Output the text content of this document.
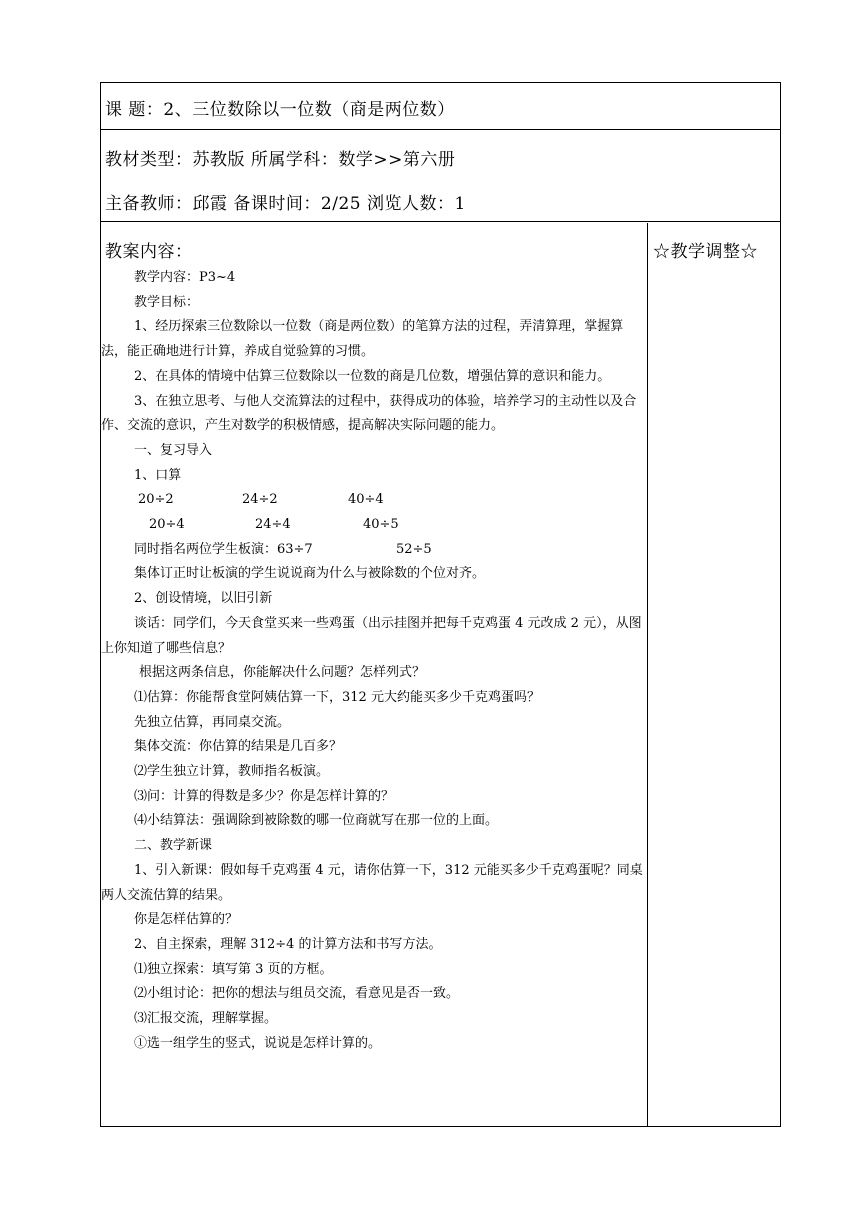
课 题：2、三位数除以一位数（商是两位数）
教材类型：苏教版 所属学科：数学>>第六册
主备教师：邱霞 备课时间：2/25 浏览人数：1
教案内容：	☆教学调整☆

教学内容：P3~4

教学目标：

1、经历探索三位数除以一位数（商是两位数）的笔算方法的过程，弄清算理，掌握算法，能正确地进行计算，养成自觉验算的习惯。

2、在具体的情境中估算三位数除以一位数的商是几位数，增强估算的意识和能力。

3、在独立思考、与他人交流算法的过程中，获得成功的体验，培养学习的主动性以及合作、交流的意识，产生对数学的积极情感，提高解决实际问题的能力。

一、复习导入

1、口算

20÷2	24÷2	40÷4

20÷4	24÷4	40÷5

同时指名两位学生板演：63÷7	52÷5

集体订正时让板演的学生说说商为什么与被除数的个位对齐。

2、创设情境，以旧引新

谈话：同学们，今天食堂买来一些鸡蛋（出示挂图并把每千克鸡蛋 4 元改成 2 元），从图上你知道了哪些信息？

根据这两条信息，你能解决什么问题？怎样列式？

⑴估算：你能帮食堂阿姨估算一下，312 元大约能买多少千克鸡蛋吗？

先独立估算，再同桌交流。

集体交流：你估算的结果是几百多？

⑵学生独立计算，教师指名板演。

⑶问：计算的得数是多少？你是怎样计算的？

⑷小结算法：强调除到被除数的哪一位商就写在那一位的上面。

二、教学新课

1、引入新课：假如每千克鸡蛋 4 元，请你估算一下，312 元能买多少千克鸡蛋呢？同桌两人交流估算的结果。

你是怎样估算的？

2、自主探索，理解 312÷4 的计算方法和书写方法。

⑴独立探索：填写第 3 页的方框。

⑵小组讨论：把你的想法与组员交流，看意见是否一致。

⑶汇报交流，理解掌握。

①选一组学生的竖式，说说是怎样计算的。
